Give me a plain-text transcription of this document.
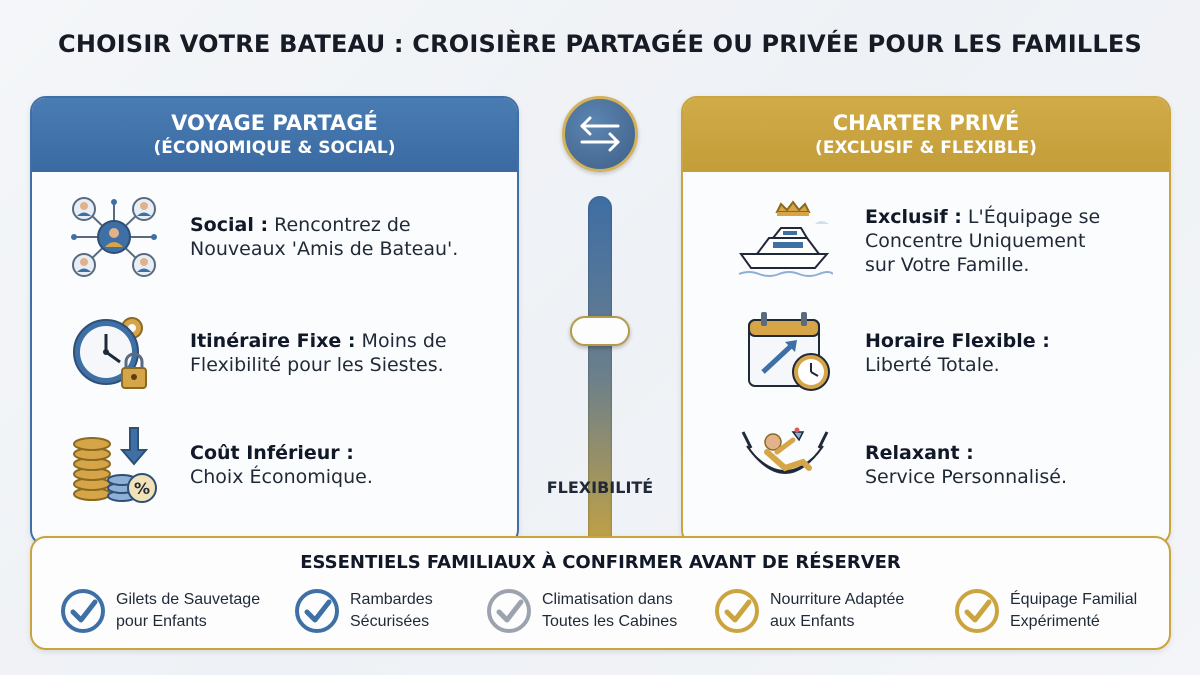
CHOISIR VOTRE BATEAU : CROISIÈRE PARTAGÉE OU PRIVÉE POUR LES FAMILLES
VOYAGE PARTAGÉ
(ÉCONOMIQUE & SOCIAL)
Social : Rencontrez de
Nouveaux 'Amis de Bateau'.
Itinéraire Fixe : Moins de
Flexibilité pour les Siestes.
%
Coût Inférieur :
Choix Économique.	FLEXIBILITÉ
CHARTER PRIVÉ
(EXCLUSIF & FLEXIBLE)
Exclusif : L'Équipage se
Concentre Uniquement
sur Votre Famille.
Horaire Flexible :
Liberté Totale.
Relaxant :
Service Personnalisé.
ESSENTIELS FAMILIAUX À CONFIRMER AVANT DE RÉSERVER
Gilets de Sauvetage
pour Enfants
Rambardes
Sécurisées
Climatisation dans
Toutes les Cabines
Nourriture Adaptée
aux Enfants
Équipage Familial
Expérimenté
